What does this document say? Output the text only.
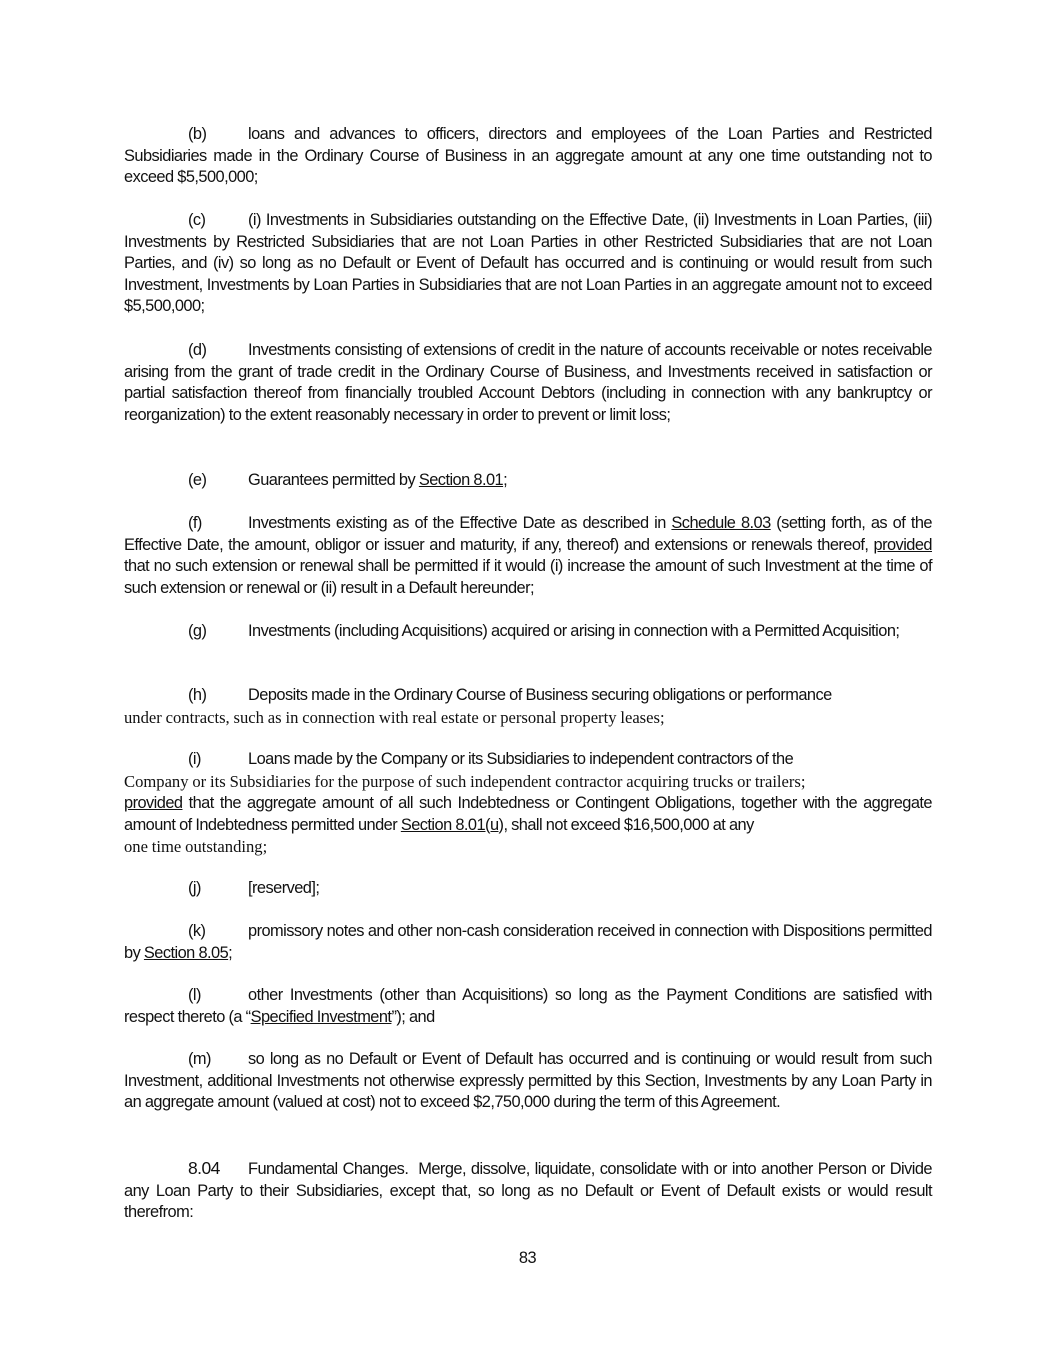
(b)	loans and advances to officers, directors and employees of the Loan Parties and Restricted Subsidiaries made in the Ordinary Course of Business in an aggregate amount at any one time outstanding not to exceed $5,500,000;

(c)	(i) Investments in Subsidiaries outstanding on the Effective Date, (ii) Investments in Loan Parties, (iii) Investments by Restricted Subsidiaries that are not Loan Parties in other Restricted Subsidiaries that are not Loan Parties, and (iv) so long as no Default or Event of Default has occurred and is continuing or would result from such Investment, Investments by Loan Parties in Subsidiaries that are not Loan Parties in an aggregate amount not to exceed $5,500,000;

(d)	Investments consisting of extensions of credit in the nature of accounts receivable or notes receivable arising from the grant of trade credit in the Ordinary Course of Business, and Investments received in satisfaction or partial satisfaction thereof from financially troubled Account Debtors (including in connection with any bankruptcy or reorganization) to the extent reasonably necessary in order to prevent or limit loss;

(e)	Guarantees permitted by Section 8.01;

(f)	Investments existing as of the Effective Date as described in Schedule 8.03 (setting forth, as of the Effective Date, the amount, obligor or issuer and maturity, if any, thereof) and extensions or renewals thereof, provided that no such extension or renewal shall be permitted if it would (i) increase the amount of such Investment at the time of such extension or renewal or (ii) result in a Default hereunder;

(g)	Investments (including Acquisitions) acquired or arising in connection with a Permitted Acquisition;

(h)	Deposits made in the Ordinary Course of Business securing obligations or performance
under contracts, such as in connection with real estate or personal property leases;

(i)	Loans made by the Company or its Subsidiaries to independent contractors of the
Company or its Subsidiaries for the purpose of such independent contractor acquiring trucks or trailers;
provided that the aggregate amount of all such Indebtedness or Contingent Obligations, together with the aggregate amount of Indebtedness permitted under Section 8.01(u), shall not exceed $16,500,000 at any
one time outstanding;

(j)	[reserved];

(k)	promissory notes and other non-cash consideration received in connection with Dispositions permitted by Section 8.05;

(l)	other Investments (other than Acquisitions) so long as the Payment Conditions are satisfied with respect thereto (a “Specified Investment”); and

(m) so long as no Default or Event of Default has occurred and is continuing or would result from such Investment, additional Investments not otherwise expressly permitted by this Section, Investments by any Loan Party in an aggregate amount (valued at cost) not to exceed $2,750,000 during the term of this Agreement.

8.04 Fundamental Changes. Merge, dissolve, liquidate, consolidate with or into another Person or Divide any Loan Party to their Subsidiaries, except that, so long as no Default or Event of Default exists or would result therefrom:

83
